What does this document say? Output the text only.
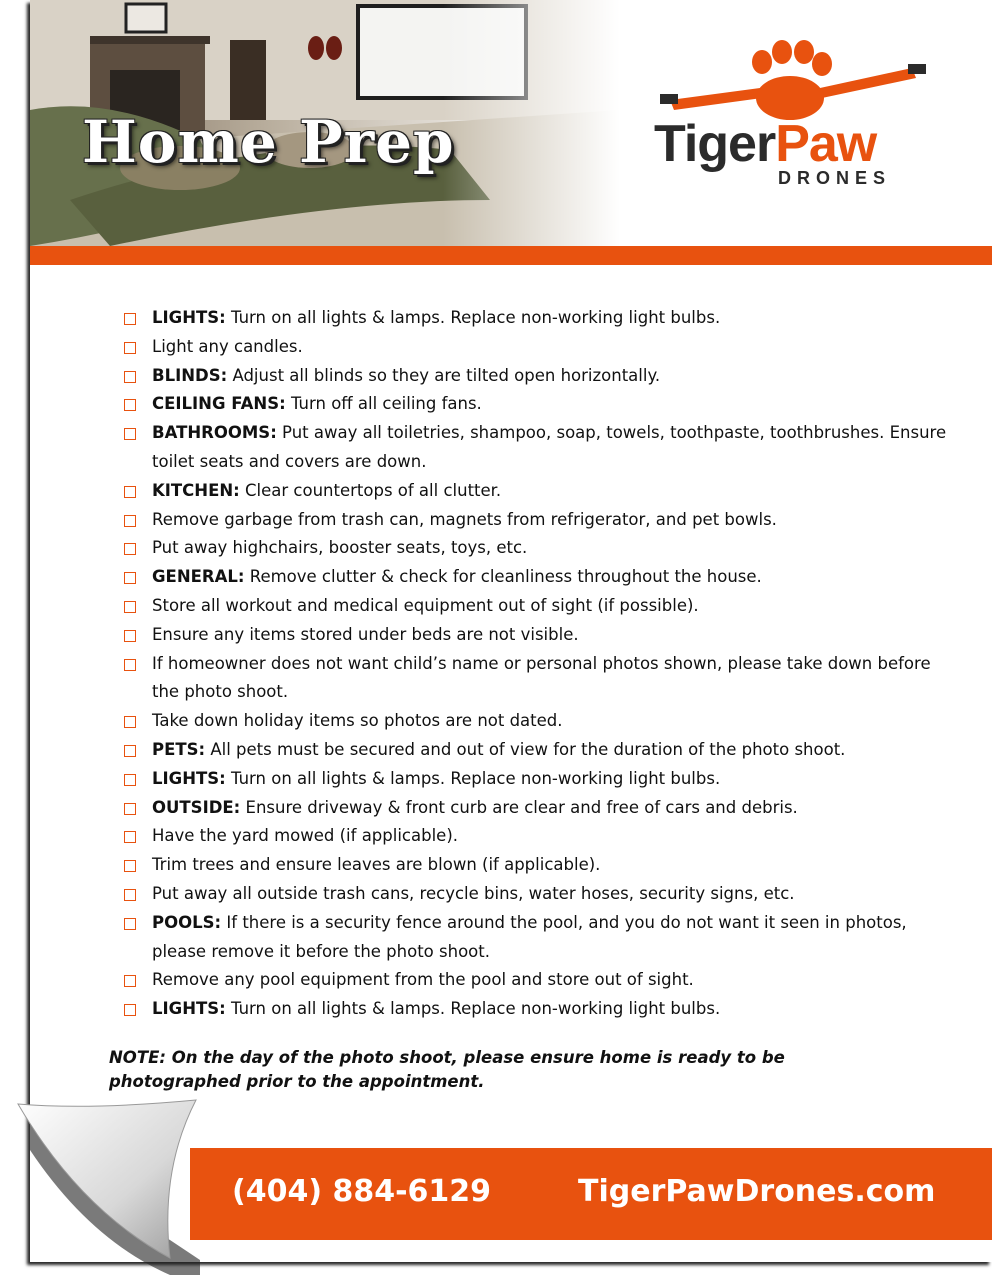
Home Prep	TigerPaw
DRONES
LIGHTS: Turn on all lights & lamps. Replace non-working light bulbs.
Light any candles.
BLINDS: Adjust all blinds so they are tilted open horizontally.
CEILING FANS: Turn off all ceiling fans.
BATHROOMS: Put away all toiletries, shampoo, soap, towels, toothpaste, toothbrushes. Ensure toilet seats and covers are down.
KITCHEN: Clear countertops of all clutter.
Remove garbage from trash can, magnets from refrigerator, and pet bowls.
Put away highchairs, booster seats, toys, etc.
GENERAL: Remove clutter & check for cleanliness throughout the house.
Store all workout and medical equipment out of sight (if possible).
Ensure any items stored under beds are not visible.
If homeowner does not want child’s name or personal photos shown, please take down before the photo shoot.
Take down holiday items so photos are not dated.
PETS: All pets must be secured and out of view for the duration of the photo shoot.
LIGHTS: Turn on all lights & lamps. Replace non-working light bulbs.
OUTSIDE: Ensure driveway & front curb are clear and free of cars and debris.
Have the yard mowed (if applicable).
Trim trees and ensure leaves are blown (if applicable).
Put away all outside trash cans, recycle bins, water hoses, security signs, etc.
POOLS: If there is a security fence around the pool, and you do not want it seen in photos, please remove it before the photo shoot.
Remove any pool equipment from the pool and store out of sight.
LIGHTS: Turn on all lights & lamps. Replace non-working light bulbs.
NOTE: On the day of the photo shoot, please ensure home is ready to be photographed prior to the appointment.
(404) 884-6129	TigerPawDrones.com
